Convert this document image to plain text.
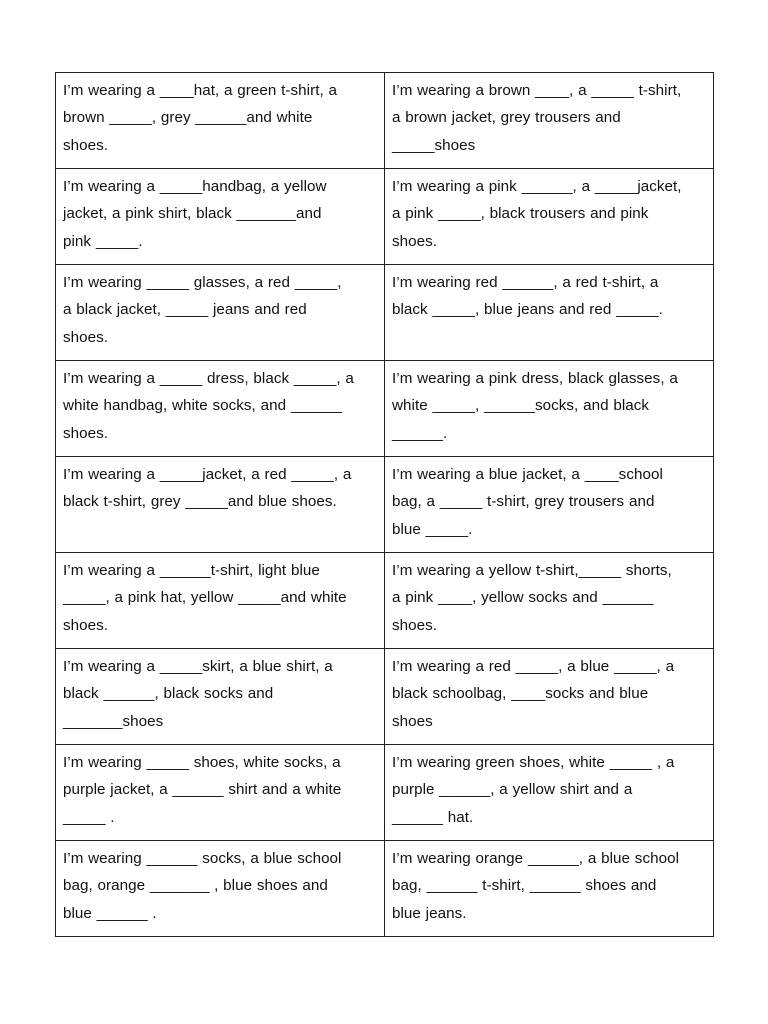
I’m wearing a ____hat, a green t-shirt, a
brown _____, grey ______and white
shoes.	I’m wearing a brown ____, a _____ t-shirt,
a brown jacket, grey trousers and
_____shoes

I’m wearing a _____handbag, a yellow
jacket, a pink shirt, black _______and
pink _____.	I’m wearing a pink ______, a _____jacket,
a pink _____, black trousers and pink
shoes.

I’m wearing _____ glasses, a red _____,
a black jacket, _____ jeans and red
shoes.	I’m wearing red ______, a red t-shirt, a
black _____, blue jeans and red _____.

I’m wearing a _____ dress, black _____, a
white handbag, white socks, and ______
shoes.	I’m wearing a pink dress, black glasses, a
white _____, ______socks, and black
______.

I’m wearing a _____jacket, a red _____, a
black t-shirt, grey _____and blue shoes.	I’m wearing a blue jacket, a ____school
bag, a _____ t-shirt, grey trousers and
blue _____.

I’m wearing a ______t-shirt, light blue
_____, a pink hat, yellow _____and white
shoes.	I’m wearing a yellow t-shirt,_____ shorts,
a pink ____, yellow socks and ______
shoes.

I’m wearing a _____skirt, a blue shirt, a
black ______, black socks and
_______shoes	I’m wearing a red _____, a blue _____, a
black schoolbag, ____socks and blue
shoes

I’m wearing _____ shoes, white socks, a
purple jacket, a ______ shirt and a white
_____ .	I’m wearing green shoes, white _____ , a
purple ______, a yellow shirt and a
______ hat.

I’m wearing ______ socks, a blue school
bag, orange _______ , blue shoes and
blue ______ .	I’m wearing orange ______, a blue school
bag, ______ t-shirt, ______ shoes and
blue jeans.
